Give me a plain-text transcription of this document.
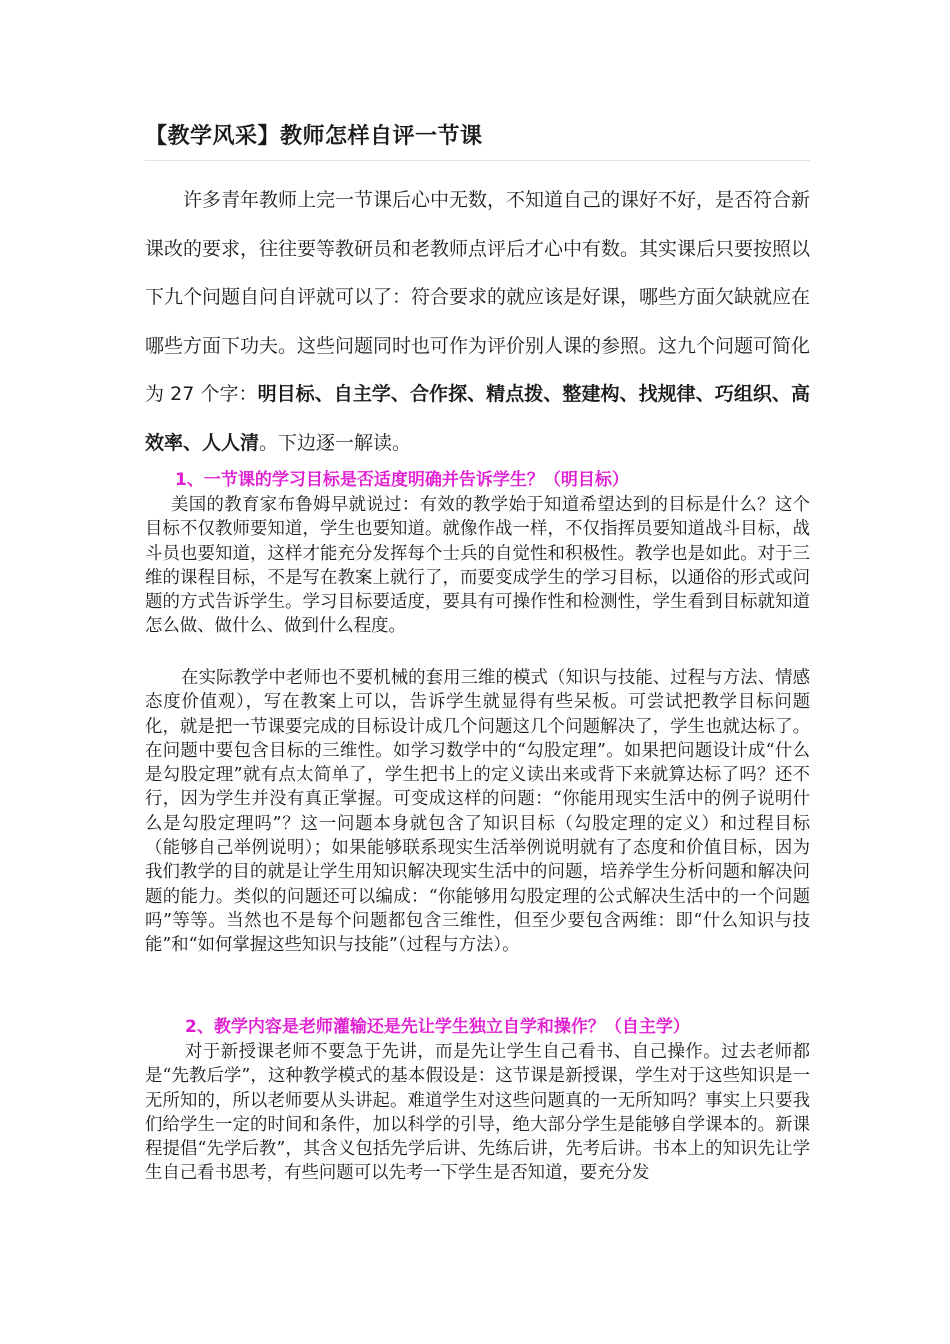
【教学风采】教师怎样自评一节课

许多青年教师上完一节课后心中无数，不知道自己的课好不好，是否符合新课改的要求，往往要等教研员和老教师点评后才心中有数。其实课后只要按照以下九个问题自问自评就可以了：符合要求的就应该是好课，哪些方面欠缺就应在哪些方面下功夫。这些问题同时也可作为评价别人课的参照。这九个问题可简化为 27 个字：明目标、自主学、合作探、精点拨、整建构、找规律、巧组织、高效率、人人清。下边逐一解读。

1、一节课的学习目标是否适度明确并告诉学生？（明目标）

美国的教育家布鲁姆早就说过：有效的教学始于知道希望达到的目标是什么？这个目标不仅教师要知道，学生也要知道。就像作战一样，不仅指挥员要知道战斗目标，战斗员也要知道，这样才能充分发挥每个士兵的自觉性和积极性。教学也是如此。对于三维的课程目标，不是写在教案上就行了，而要变成学生的学习目标，以通俗的形式或问题的方式告诉学生。学习目标要适度，要具有可操作性和检测性，学生看到目标就知道怎么做、做什么、做到什么程度。

在实际教学中老师也不要机械的套用三维的模式（知识与技能、过程与方法、情感态度价值观），写在教案上可以，告诉学生就显得有些呆板。可尝试把教学目标问题化，就是把一节课要完成的目标设计成几个问题这几个问题解决了，学生也就达标了。在问题中要包含目标的三维性。如学习数学中的“勾股定理”。如果把问题设计成“什么是勾股定理”就有点太简单了，学生把书上的定义读出来或背下来就算达标了吗？还不行，因为学生并没有真正掌握。可变成这样的问题：“你能用现实生活中的例子说明什么是勾股定理吗”？这一问题本身就包含了知识目标（勾股定理的定义）和过程目标（能够自己举例说明）；如果能够联系现实生活举例说明就有了态度和价值目标，因为我们教学的目的就是让学生用知识解决现实生活中的问题，培养学生分析问题和解决问题的能力。类似的问题还可以编成：“你能够用勾股定理的公式解决生活中的一个问题吗”等等。当然也不是每个问题都包含三维性，但至少要包含两维：即“什么知识与技能”和“如何掌握这些知识与技能”（过程与方法）。

2、教学内容是老师灌输还是先让学生独立自学和操作？（自主学）

对于新授课老师不要急于先讲，而是先让学生自己看书、自己操作。过去老师都是“先教后学”，这种教学模式的基本假设是：这节课是新授课，学生对于这些知识是一无所知的，所以老师要从头讲起。难道学生对这些问题真的一无所知吗？事实上只要我们给学生一定的时间和条件，加以科学的引导，绝大部分学生是能够自学课本的。新课程提倡“先学后教”，其含义包括先学后讲、先练后讲，先考后讲。书本上的知识先让学生自己看书思考，有些问题可以先考一下学生是否知道，要充分发
